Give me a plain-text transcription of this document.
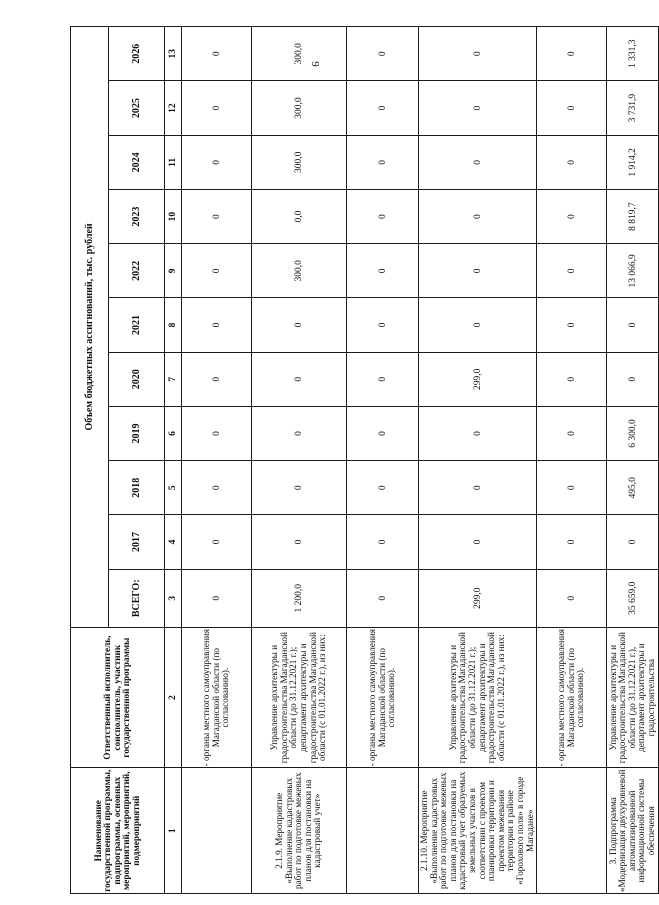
9
Наименование государственной программы, подпрограммы, основных мероприятий, мероприятий, подмероприятий	Ответственный исполнитель, соисполнитель, участник государственной программы	Объем бюджетных ассигнований, тыс. рублей										
		ВСЕГО:	2017	2018	2019	2020	2021	2022	2023	2024	2025	2026
1	2	3	4	5	6	7	8	9	10	11	12	13
	- органы местного самоуправления Магаданской области (по согласованию).	0	0	0	0	0	0	0	0	0	0	0
2.1.9. Мероприятие «Выполнение кадастровых работ по подготовке межевых планов для постановки на кадастровый учет»	Управление архитектуры и градостроительства Магаданской области (до 31.12.2021 г.); департамент архитектуры и градостроительства Магаданской области (с 01.01.2022 г.), из них:	1 200,0	0	0	0	0	0	300,0	0,0	300,0	300,0	300,0
	- органы местного самоуправления Магаданской области (по согласованию).	0	0	0	0	0	0	0	0	0	0	0
2.1.10. Мероприятие «Выполнение кадастровых работ по подготовке межевых планов для постановки на кадастровый учет образуемых земельных участков в соответствии с проектом планировки территории и проектом межевания территории в районе «Горохового поля» в городе Магадане»	Управление архитектуры и градостроительства Магаданской области (до 31.12.2021 г.); департамент архитектуры и градостроительства Магаданской области (с 01.01.2022 г.), из них:	299,0	0	0	0	299,0	0	0	0	0	0	0
	- органы местного самоуправления Магаданской области (по согласованию).	0	0	0	0	0	0	0	0	0	0	0
3. Подпрограмма «Модернизация двухуровневой автоматизированной информационной системы обеспечения	Управление архитектуры и градостроительства Магаданской области (до 31.12.2021 г.), департамент архитектуры и градостроительства	35 659,0	0	495,0	6 300,0	0	0	13 066,9	8 819,7	1 914,2	3 731,9	1 331,3
